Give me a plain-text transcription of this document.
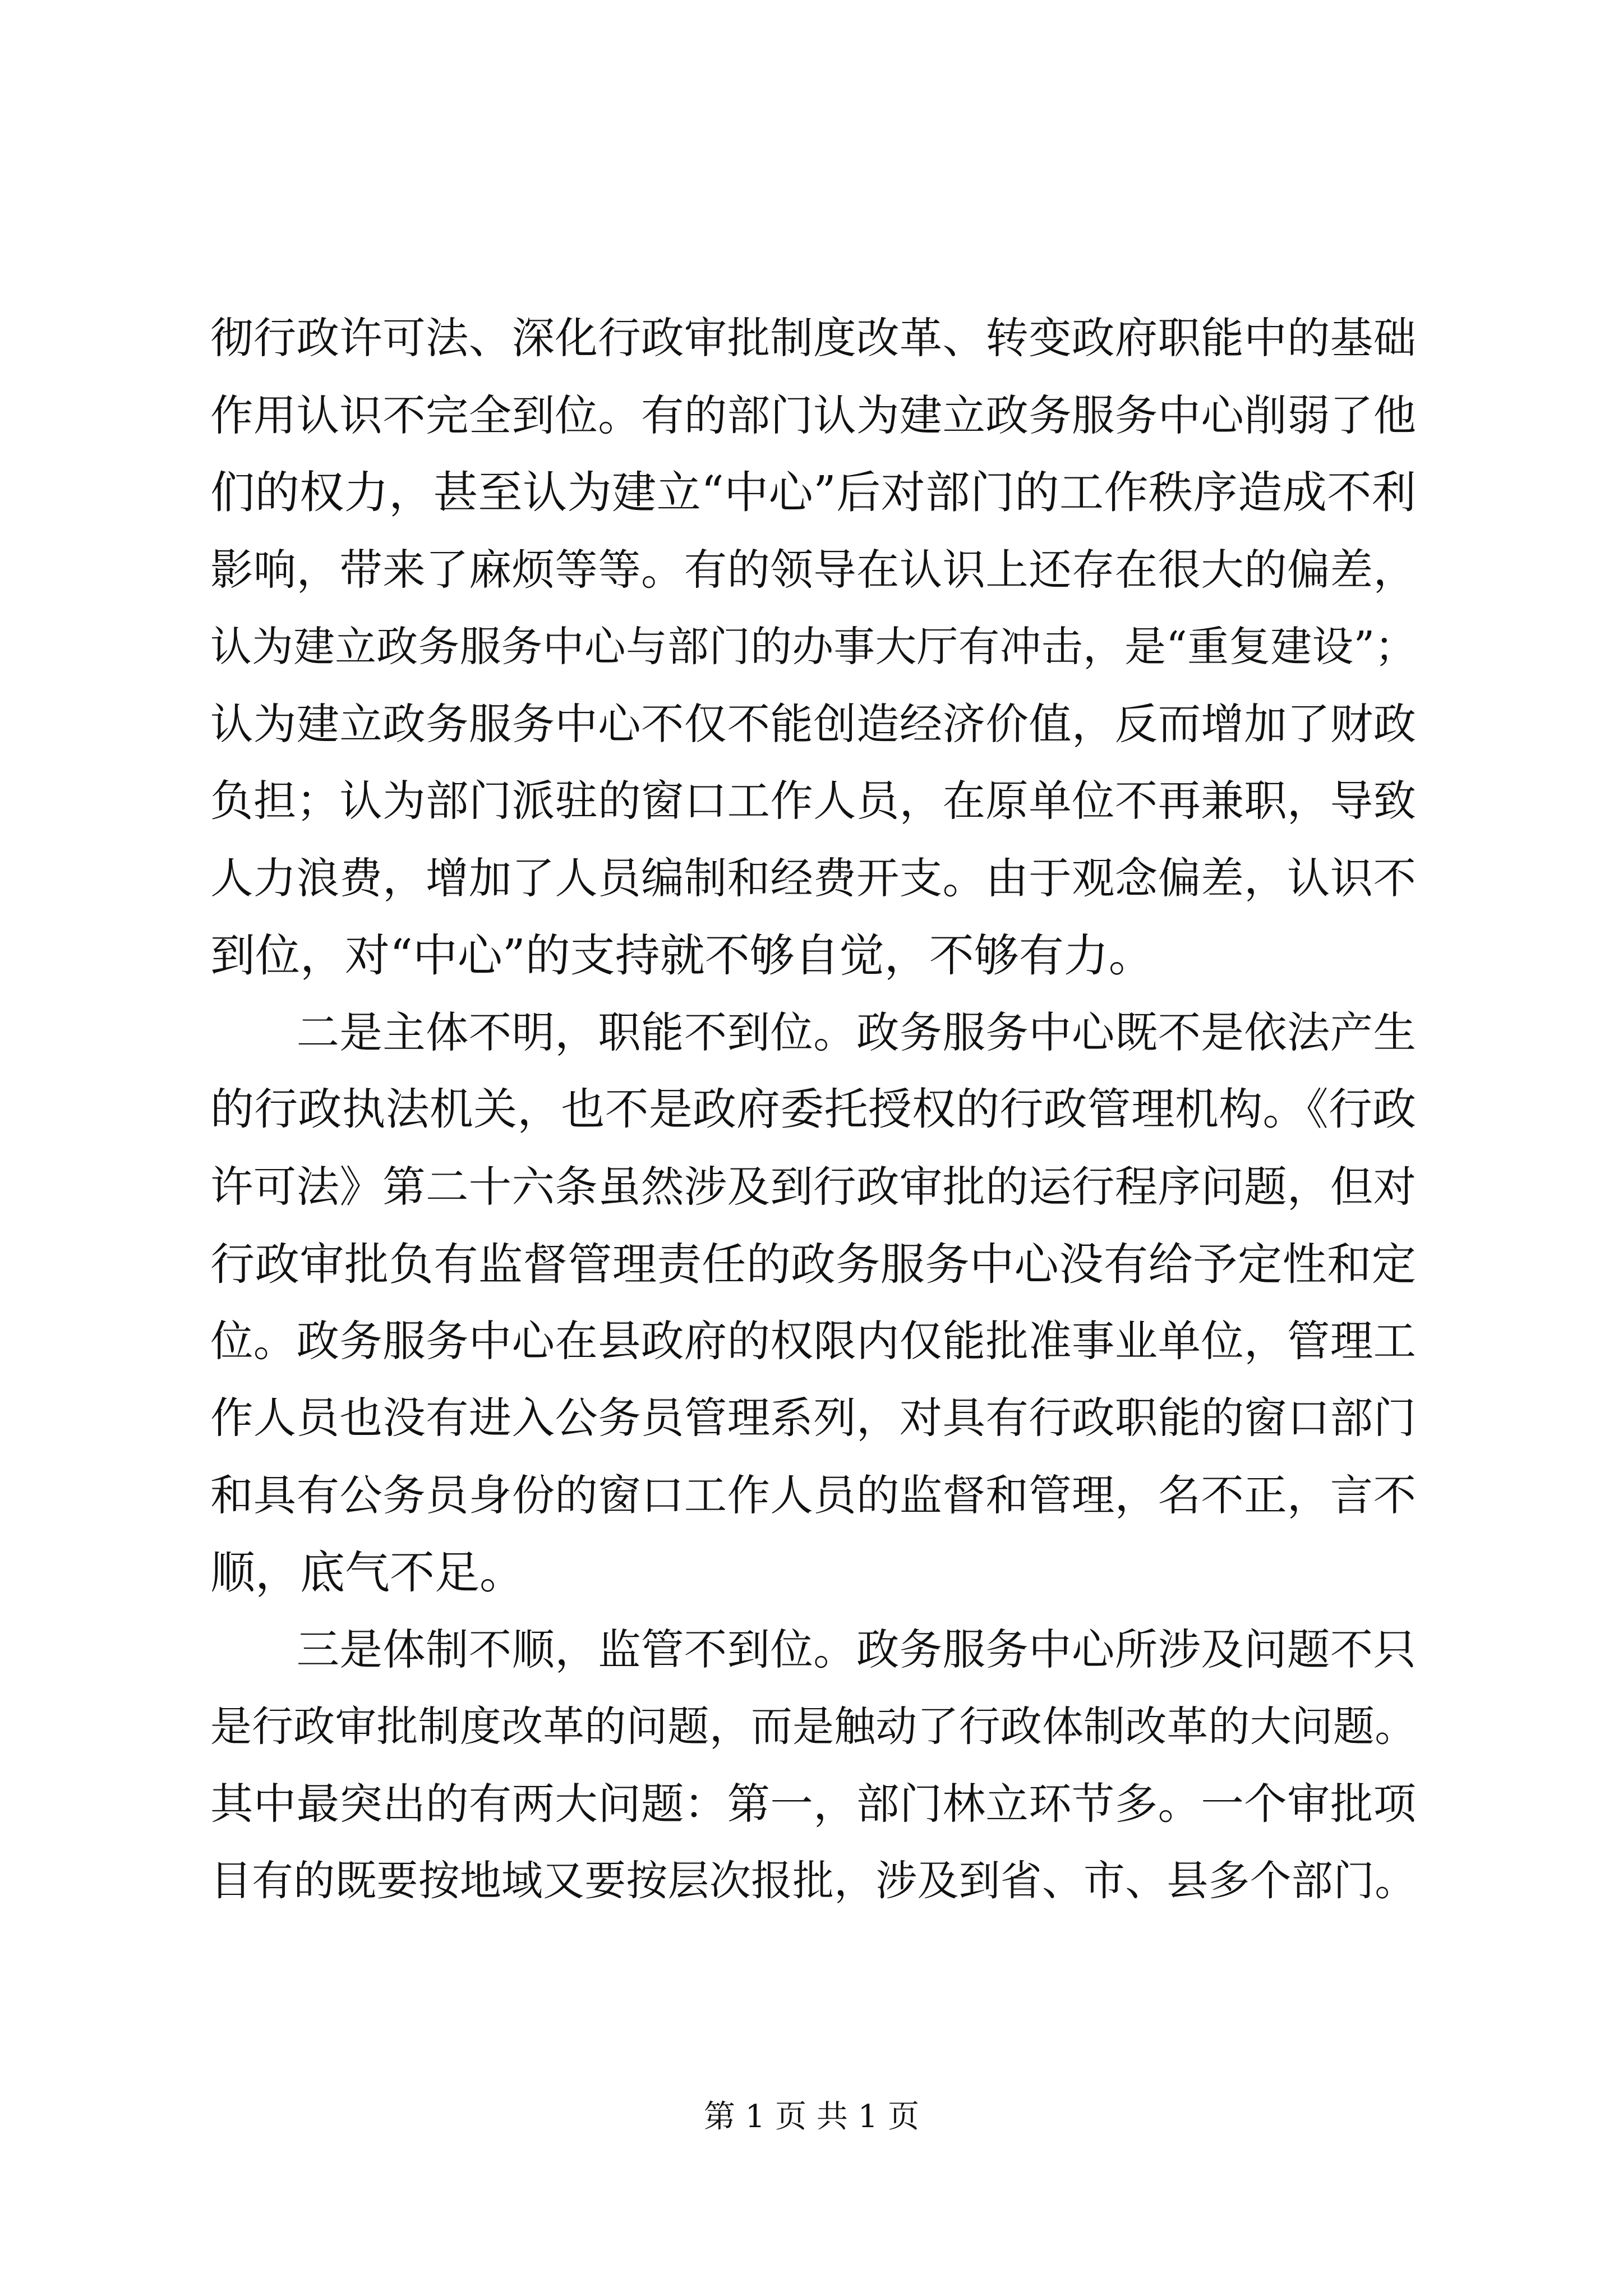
彻行政许可法、深化行政审批制度改革、转变政府职能中的基础
作用认识不完全到位。有的部门认为建立政务服务中心削弱了他
们的权力，甚至认为建立“中心”后对部门的工作秩序造成不利
影响，带来了麻烦等等。有的领导在认识上还存在很大的偏差，
认为建立政务服务中心与部门的办事大厅有冲击，是“重复建设”；
认为建立政务服务中心不仅不能创造经济价值，反而增加了财政
负担；认为部门派驻的窗口工作人员，在原单位不再兼职，导致
人力浪费，增加了人员编制和经费开支。由于观念偏差，认识不
到位，对“中心”的支持就不够自觉，不够有力。
　　二是主体不明，职能不到位。政务服务中心既不是依法产生
的行政执法机关，也不是政府委托授权的行政管理机构。《行政
许可法》第二十六条虽然涉及到行政审批的运行程序问题，但对
行政审批负有监督管理责任的政务服务中心没有给予定性和定
位。政务服务中心在县政府的权限内仅能批准事业单位，管理工
作人员也没有进入公务员管理系列，对具有行政职能的窗口部门
和具有公务员身份的窗口工作人员的监督和管理，名不正，言不
顺，底气不足。
　　三是体制不顺，监管不到位。政务服务中心所涉及问题不只
是行政审批制度改革的问题，而是触动了行政体制改革的大问题。
其中最突出的有两大问题：第一，部门林立环节多。一个审批项
目有的既要按地域又要按层次报批，涉及到省、市、县多个部门。
第 1 页 共 1 页
